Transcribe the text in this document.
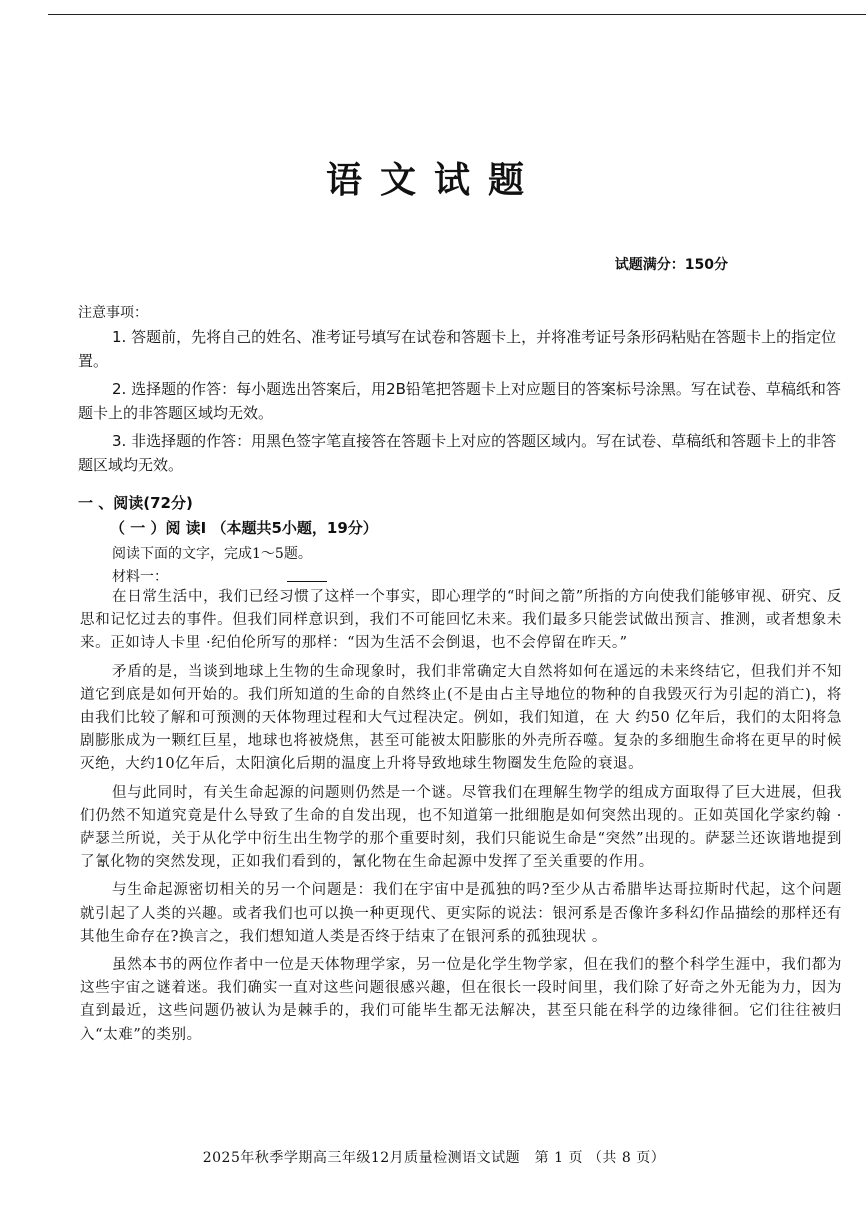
语文试题
试题满分：150分
注意事项：

1. 答题前，先将自己的姓名、准考证号填写在试卷和答题卡上，并将准考证号条形码粘贴在答题卡上的指定位置。

2. 选择题的作答：每小题选出答案后，用2B铅笔把答题卡上对应题目的答案标号涂黑。写在试卷、草稿纸和答题卡上的非答题区域均无效。

3. 非选择题的作答：用黑色签字笔直接答在答题卡上对应的答题区域内。写在试卷、草稿纸和答题卡上的非答题区域均无效。

一 、阅读(72分)
（ 一 ）阅 读I （本题共5小题，19分）
阅读下面的文字，完成1～5题。
材料一：

在日常生活中，我们已经习惯了这样一个事实，即心理学的“时间之箭”所指的方向使我们能够审视、研究、反思和记忆过去的事件。但我们同样意识到，我们不可能回忆未来。我们最多只能尝试做出预言、推测，或者想象未来。正如诗人卡里 ·纪伯伦所写的那样：“因为生活不会倒退，也不会停留在昨天。”

矛盾的是，当谈到地球上生物的生命现象时，我们非常确定大自然将如何在遥远的未来终结它，但我们并不知道它到底是如何开始的。我们所知道的生命的自然终止(不是由占主导地位的物种的自我毁灭行为引起的消亡)，将由我们比较了解和可预测的天体物理过程和大气过程决定。例如，我们知道，在 大 约50 亿年后，我们的太阳将急剧膨胀成为一颗红巨星，地球也将被烧焦，甚至可能被太阳膨胀的外壳所吞噬。复杂的多细胞生命将在更早的时候灭绝，大约10亿年后，太阳演化后期的温度上升将导致地球生物圈发生危险的衰退。

但与此同时，有关生命起源的问题则仍然是一个谜。尽管我们在理解生物学的组成方面取得了巨大进展，但我们仍然不知道究竟是什么导致了生命的自发出现，也不知道第一批细胞是如何突然出现的。正如英国化学家约翰 ·萨瑟兰所说，关于从化学中衍生出生物学的那个重要时刻，我们只能说生命是“突然”出现的。萨瑟兰还诙谐地提到了氰化物的突然发现，正如我们看到的，氰化物在生命起源中发挥了至关重要的作用。

与生命起源密切相关的另一个问题是：我们在宇宙中是孤独的吗?至少从古希腊毕达哥拉斯时代起，这个问题就引起了人类的兴趣。或者我们也可以换一种更现代、更实际的说法：银河系是否像许多科幻作品描绘的那样还有其他生命存在?换言之，我们想知道人类是否终于结束了在银河系的孤独现状 。

虽然本书的两位作者中一位是天体物理学家，另一位是化学生物学家，但在我们的整个科学生涯中，我们都为这些宇宙之谜着迷。我们确实一直对这些问题很感兴趣，但在很长一段时间里，我们除了好奇之外无能为力，因为直到最近，这些问题仍被认为是棘手的，我们可能毕生都无法解决，甚至只能在科学的边缘徘徊。它们往往被归入“太难”的类别。

2025年秋季学期高三年级12月质量检测语文试题　第 1 页 （共 8 页）
